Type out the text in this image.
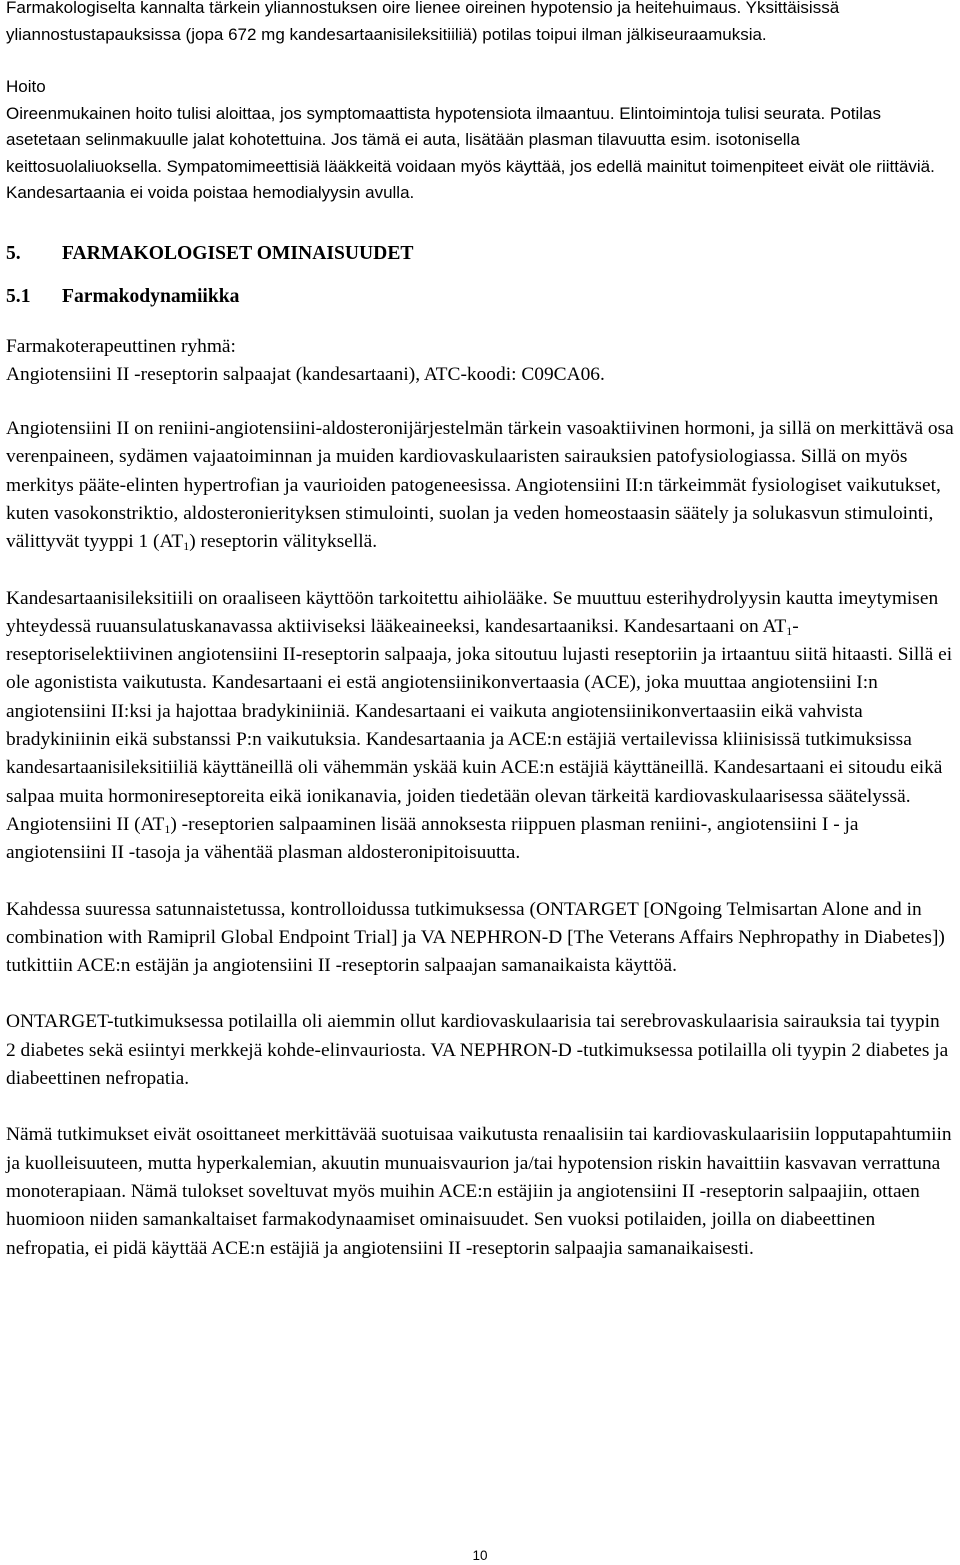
Farmakologiselta kannalta tärkein yliannostuksen oire lienee oireinen hypotensio ja heitehuimaus. Yksittäisissä yliannostustapauksissa (jopa 672 mg kandesartaanisileksitiiliä) potilas toipui ilman jälkiseuraamuksia.

Hoito

Oireenmukainen hoito tulisi aloittaa, jos symptomaattista hypotensiota ilmaantuu. Elintoimintoja tulisi seurata. Potilas asetetaan selinmakuulle jalat kohotettuina. Jos tämä ei auta, lisätään plasman tilavuutta esim. isotonisella keittosuolaliuoksella. Sympatomimeettisiä lääkkeitä voidaan myös käyttää, jos edellä mainitut toimenpiteet eivät ole riittäviä. Kandesartaania ei voida poistaa hemodialyysin avulla.

5. FARMAKOLOGISET OMINAISUUDET
5.1 Farmakodynamiikka

Farmakoterapeuttinen ryhmä:

Angiotensiini II -reseptorin salpaajat (kandesartaani), ATC-koodi: C09CA06.

Angiotensiini II on reniini-angiotensiini-aldosteronijärjestelmän tärkein vasoaktiivinen hormoni, ja sillä on merkittävä osa verenpaineen, sydämen vajaatoiminnan ja muiden kardiovaskulaaristen sairauksien patofysiologiassa. Sillä on myös merkitys pääte-elinten hypertrofian ja vaurioiden patogeneesissa. Angiotensiini II:n tärkeimmät fysiologiset vaikutukset, kuten vasokonstriktio, aldosteronierityksen stimulointi, suolan ja veden homeostaasin säätely ja solukasvun stimulointi, välittyvät tyyppi 1 $(AT_1)$ reseptorin välityksellä.

Kandesartaanisileksitiili on oraaliseen käyttöön tarkoitettu aihiolääke. Se muuttuu esterihydrolyysin kautta imeytymisen yhteydessä ruuansulatuskanavassa aktiiviseksi lääkeaineeksi, kandesartaaniksi. Kandesartaani on $AT_1$-reseptoriselektiivinen angiotensiini II-reseptorin salpaaja, joka sitoutuu lujasti reseptoriin ja irtaantuu siitä hitaasti. Sillä ei ole agonistista vaikutusta. Kandesartaani ei estä angiotensiinikonvertaasia (ACE), joka muuttaa angiotensiini I:n angiotensiini II:ksi ja hajottaa bradykiniiniä. Kandesartaani ei vaikuta angiotensiinikonvertaasiin eikä vahvista bradykiniinin eikä substanssi P:n vaikutuksia. Kandesartaania ja ACE:n estäjiä vertailevissa kliinisissä tutkimuksissa kandesartaanisileksitiiliä käyttäneillä oli vähemmän yskää kuin ACE:n estäjiä käyttäneillä. Kandesartaani ei sitoudu eikä salpaa muita hormonireseptoreita eikä ionikanavia, joiden tiedetään olevan tärkeitä kardiovaskulaarisessa säätelyssä. Angiotensiini II $(AT_1)$ -reseptorien salpaaminen lisää annoksesta riippuen plasman reniini-, angiotensiini I - ja angiotensiini II -tasoja ja vähentää plasman aldosteronipitoisuutta.

Kahdessa suuressa satunnaistetussa, kontrolloidussa tutkimuksessa (ONTARGET [ONgoing Telmisartan Alone and in combination with Ramipril Global Endpoint Trial] ja VA NEPHRON-D [The Veterans Affairs Nephropathy in Diabetes]) tutkittiin ACE:n estäjän ja angiotensiini II -reseptorin salpaajan samanaikaista käyttöä.

ONTARGET-tutkimuksessa potilailla oli aiemmin ollut kardiovaskulaarisia tai serebrovaskulaarisia sairauksia tai tyypin 2 diabetes sekä esiintyi merkkejä kohde-elinvauriosta. VA NEPHRON-D -tutkimuksessa potilailla oli tyypin 2 diabetes ja diabeettinen nefropatia.

Nämä tutkimukset eivät osoittaneet merkittävää suotuisaa vaikutusta renaalisiin tai kardiovaskulaarisiin lopputapahtumiin ja kuolleisuuteen, mutta hyperkalemian, akuutin munuaisvaurion ja/tai hypotension riskin havaittiin kasvavan verrattuna monoterapiaan. Nämä tulokset soveltuvat myös muihin ACE:n estäjiin ja angiotensiini II -reseptorin salpaajiin, ottaen huomioon niiden samankaltaiset farmakodynaamiset ominaisuudet. Sen vuoksi potilaiden, joilla on diabeettinen nefropatia, ei pidä käyttää ACE:n estäjiä ja angiotensiini II -reseptorin salpaajia samanaikaisesti.

10
